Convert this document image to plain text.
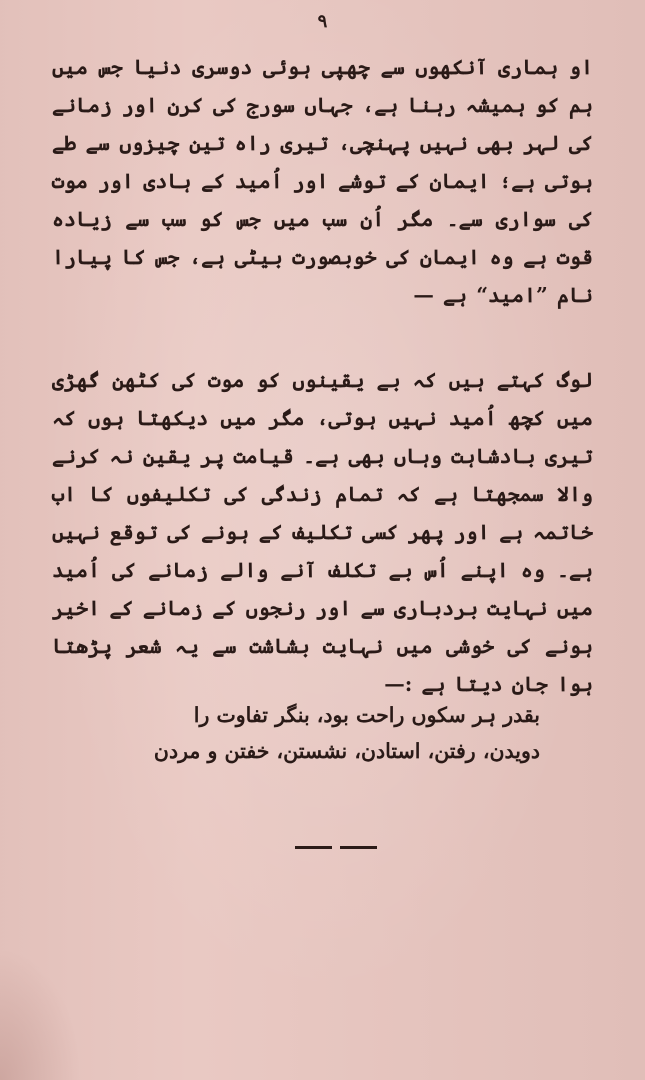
٩
او ہماری آنکھوں سے چھپی ہوئی دوسری دنیا جس میں ہم کو ہمیشہ رہنا ہے، جہاں سورج کی کرن اور زمانے کی لہر بھی نہیں پہنچی، تیری راہ تین چیزوں سے طے ہوتی ہے؛ ایمان کے توشے اور اُمید کے ہادی اور موت کی سواری سے۔ مگر اُن سب میں جس کو سب سے زیادہ قوت ہے وہ ایمان کی خوبصورت بیٹی ہے، جس کا پیارا نام ”امید“ ہے —
لوگ کہتے ہیں کہ بے یقینوں کو موت کی کٹھن گھڑی میں کچھ اُمید نہیں ہوتی، مگر میں دیکھتا ہوں کہ تیری بادشاہت وہاں بھی ہے۔ قیامت پر یقین نہ کرنے والا سمجھتا ہے کہ تمام زندگی کی تکلیفوں کا اب خاتمہ ہے اور پھر کسی تکلیف کے ہونے کی توقع نہیں ہے۔ وہ اپنے اُس بے تکلف آنے والے زمانے کی اُمید میں نہایت بردباری سے اور رنجوں کے زمانے کے اخیر ہونے کی خوشی میں نہایت بشاشت سے یہ شعر پڑھتا ہوا جان دیتا ہے :—
بقدر ہر سکوں راحت بود، بنگر تفاوت را
دویدن، رفتن، استادن، نشستن، خفتن و مردن
